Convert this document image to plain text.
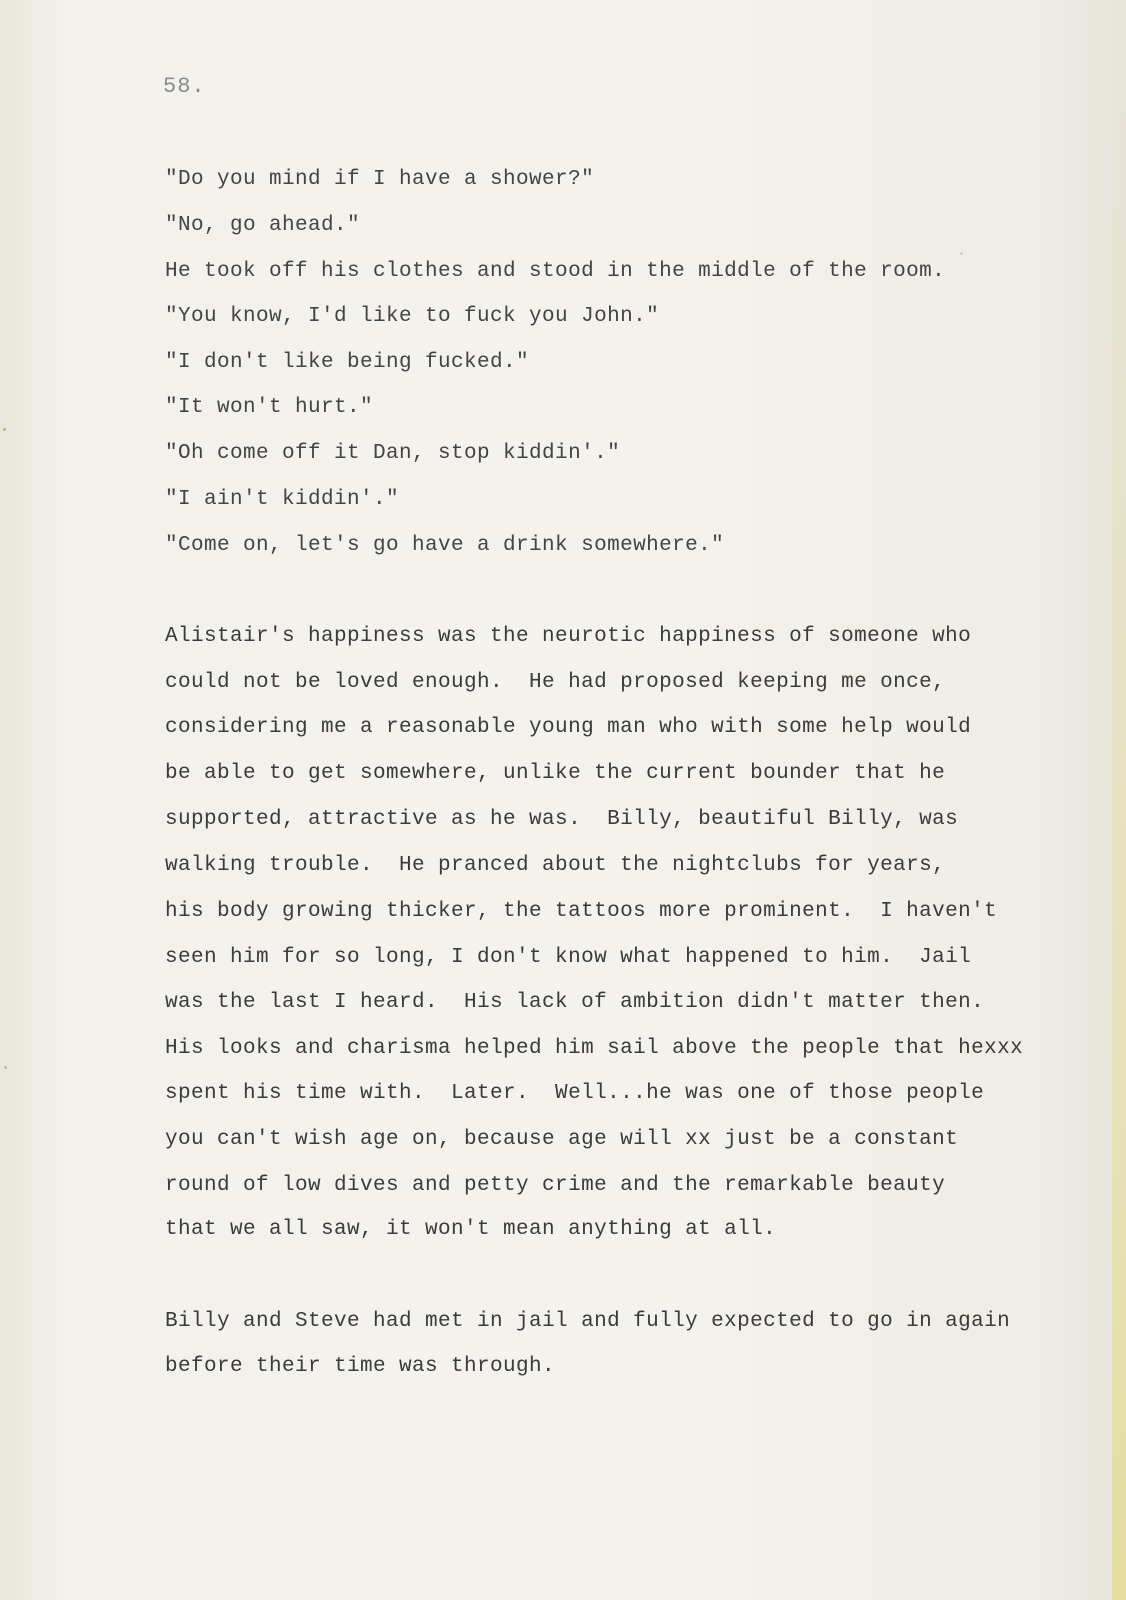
58.
"Do you mind if I have a shower?"
"No, go ahead."
He took off his clothes and stood in the middle of the room.
"You know, I'd like to fuck you John."
"I don't like being fucked."
"It won't hurt."
"Oh come off it Dan, stop kiddin'."
"I ain't kiddin'."
"Come on, let's go have a drink somewhere."
Alistair's happiness was the neurotic happiness of someone who
could not be loved enough.  He had proposed keeping me once,
considering me a reasonable young man who with some help would
be able to get somewhere, unlike the current bounder that he
supported, attractive as he was.  Billy, beautiful Billy, was
walking trouble.  He pranced about the nightclubs for years,
his body growing thicker, the tattoos more prominent.  I haven't
seen him for so long, I don't know what happened to him.  Jail
was the last I heard.  His lack of ambition didn't matter then.
His looks and charisma helped him sail above the people that hexxx
spent his time with.  Later.  Well...he was one of those people
you can't wish age on, because age will xx just be a constant
round of low dives and petty crime and the remarkable beauty
that we all saw, it won't mean anything at all.
Billy and Steve had met in jail and fully expected to go in again
before their time was through.
